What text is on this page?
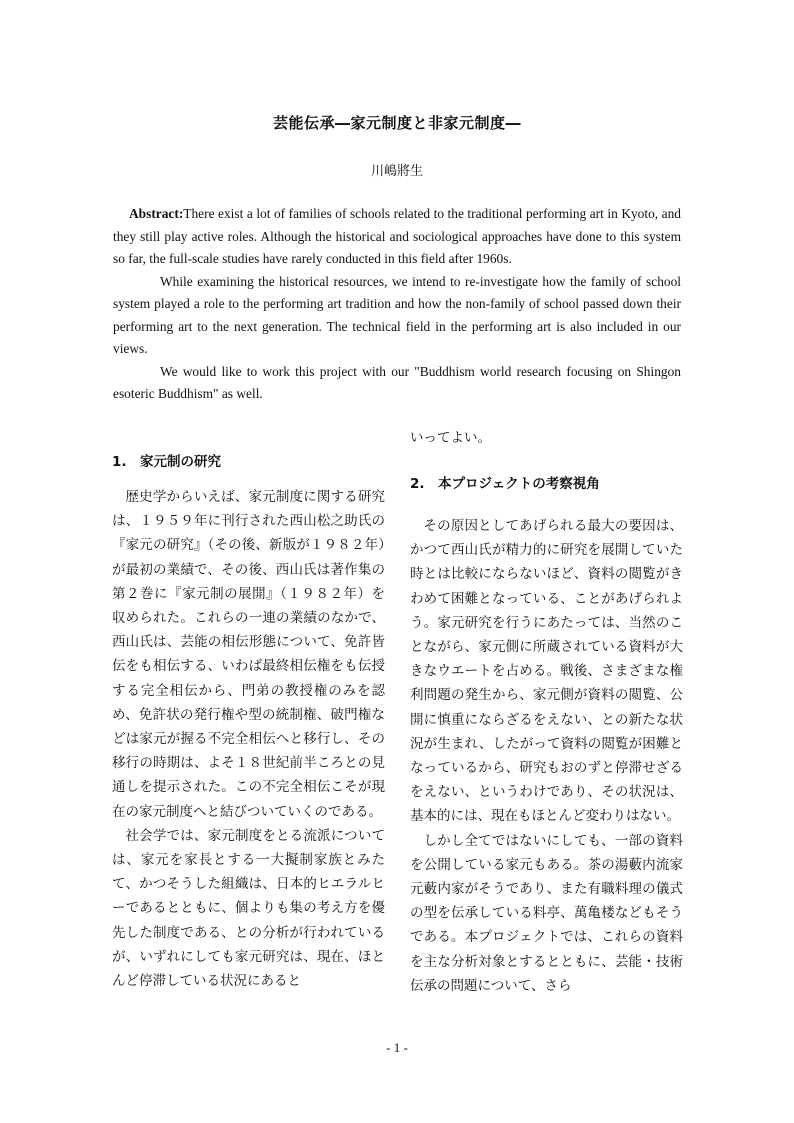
芸能伝承―家元制度と非家元制度―
川嶋將生

Abstract:There exist a lot of families of schools related to the traditional performing art in Kyoto, and they still play active roles. Although the historical and sociological approaches have done to this system so far, the full-scale studies have rarely conducted in this field after 1960s.

While examining the historical resources, we intend to re-investigate how the family of school system played a role to the performing art tradition and how the non-family of school passed down their performing art to the next generation. The technical field in the performing art is also included in our views.

We would like to work this project with our "Buddhism world research focusing on Shingon esoteric Buddhism" as well.

1.　家元制の研究

歴史学からいえば、家元制度に関する研究は、１９５９年に刊行された西山松之助氏の『家元の研究』（その後、新版が１９８２年）が最初の業績で、その後、西山氏は著作集の第２巻に『家元制の展開』（１９８２年）を収められた。これらの一連の業績のなかで、西山氏は、芸能の相伝形態について、免許皆伝をも相伝する、いわば最終相伝権をも伝授する完全相伝から、門弟の教授権のみを認め、免許状の発行権や型の統制権、破門権などは家元が握る不完全相伝へと移行し、その移行の時期は、よそ１８世紀前半ころとの見通しを提示された。この不完全相伝こそが現在の家元制度へと結びついていくのである。

社会学では、家元制度をとる流派については、家元を家長とする一大擬制家族とみたて、かつそうした組織は、日本的ヒエラルヒーであるとともに、個よりも集の考え方を優先した制度である、との分析が行われているが、いずれにしても家元研究は、現在、ほとんど停滞している状況にあると

いってよい。
2.　本プロジェクトの考察視角

その原因としてあげられる最大の要因は、かつて西山氏が精力的に研究を展開していた時とは比較にならないほど、資料の閲覧がきわめて困難となっている、ことがあげられよう。家元研究を行うにあたっては、当然のことながら、家元側に所蔵されている資料が大きなウエートを占める。戦後、さまざまな権利問題の発生から、家元側が資料の閲覧、公開に慎重にならざるをえない、との新たな状況が生まれ、したがって資料の閲覧が困難となっているから、研究もおのずと停滞せざるをえない、というわけであり、その状況は、基本的には、現在もほとんど変わりはない。

しかし全てではないにしても、一部の資料を公開している家元もある。茶の湯藪内流家元藪内家がそうであり、また有職料理の儀式の型を伝承している料亭、萬亀楼などもそうである。本プロジェクトでは、これらの資料を主な分析対象とするとともに、芸能・技術伝承の問題について、さら

- 1 -
